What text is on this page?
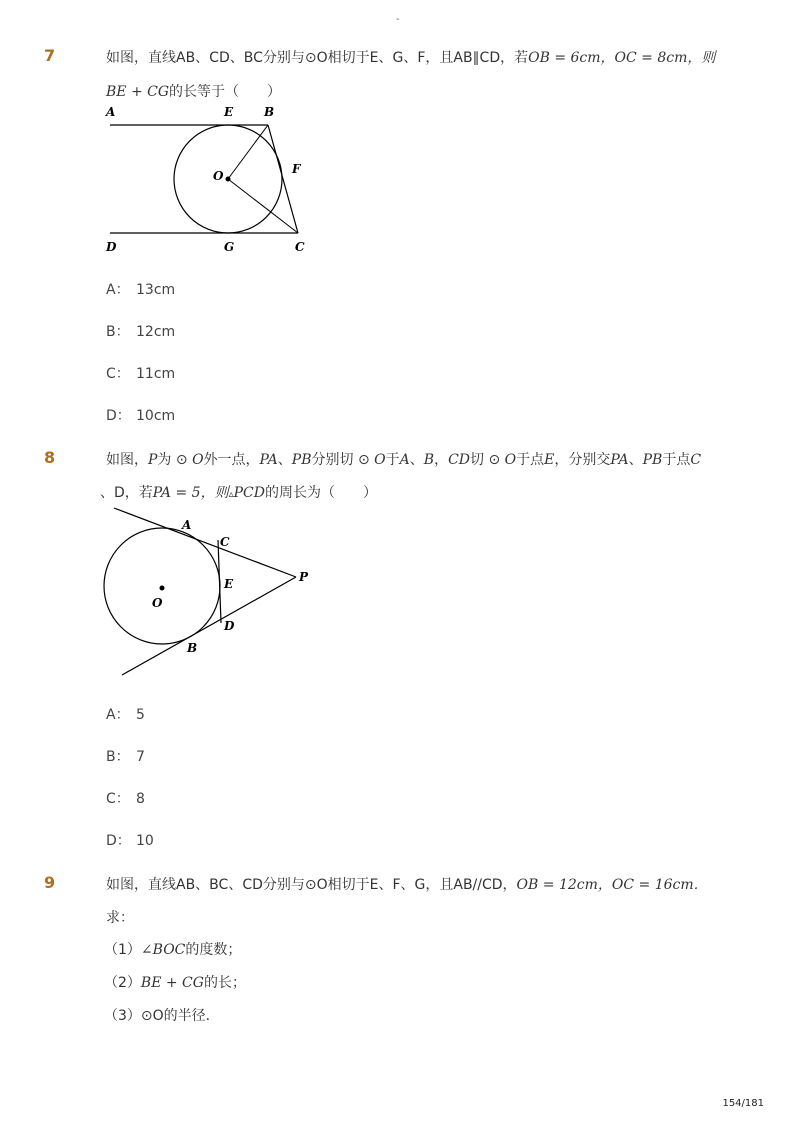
-
7	如图，直线AB、CD、BC分别与⊙O相切于E、G、F，且AB∥CD，若OB = 6cm，OC = 8cm，则
BE + CG的长等于（　　）
A	E	B
O	F
D	G	C
A： 13cm
B： 12cm
C： 11cm
D： 10cm
8	如图，P为 ⊙ O外一点，PA、PB分别切 ⊙ O于A、B，CD切 ⊙ O于点E，分别交PA、PB于点C
、D，若PA = 5，则▵PCD的周长为（　　）
A
C
E	P
O
D
B
A： 5
B： 7
C： 8
D： 10
9	如图，直线AB、BC、CD分别与⊙O相切于E、F、G，且AB//CD，OB = 12cm，OC = 16cm．
求：
（1）∠BOC的度数；
（2）BE + CG的长；
（3）⊙O的半径．
154/181
